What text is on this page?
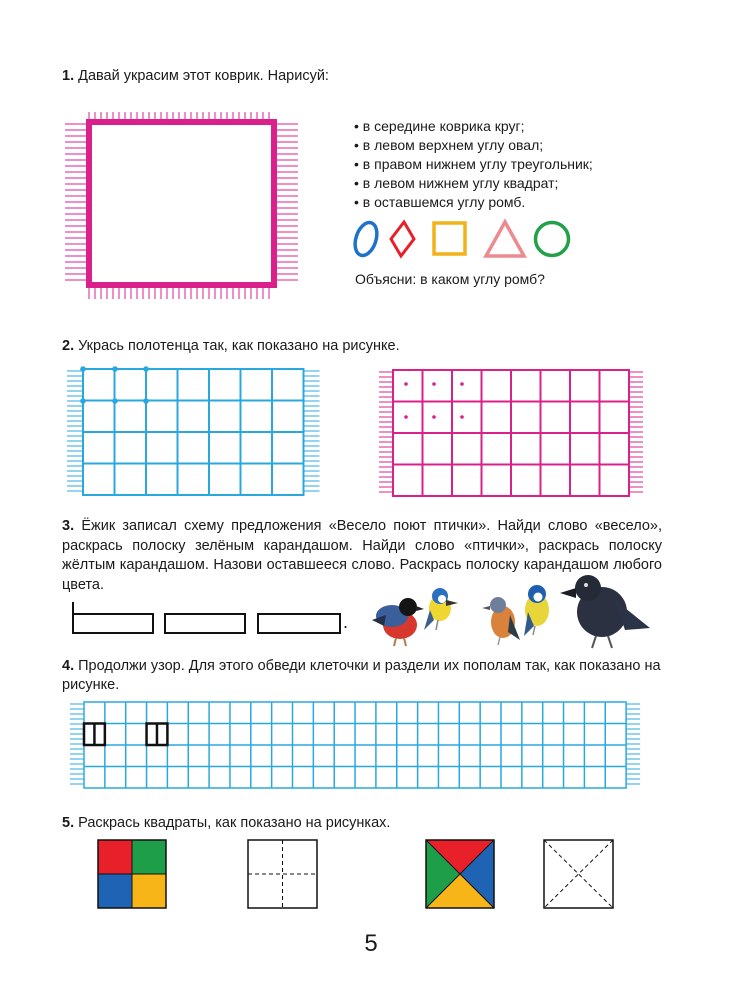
1. Давай украсим этот коврик. Нарисуй:
• в середине коврика круг;
• в левом верхнем углу овал;
• в правом нижнем углу треугольник;
• в левом нижнем углу квадрат;
• в оставшемся углу ромб.
Объясни: в каком углу ромб?
2. Укрась полотенца так, как показано на рисунке.
3. Ёжик записал схему предложения «Весело поют птички». Найди слово «весело», раскрась полоску зелёным карандашом. Найди слово «птички», раскрась полоску жёлтым карандашом. Назови оставшееся слово. Раскрась полоску карандашом любого цвета.
.
4. Продолжи узор. Для этого обведи клеточки и раздели их пополам так, как показано на рисунке.
5. Раскрась квадраты, как показано на рисунках.
5
